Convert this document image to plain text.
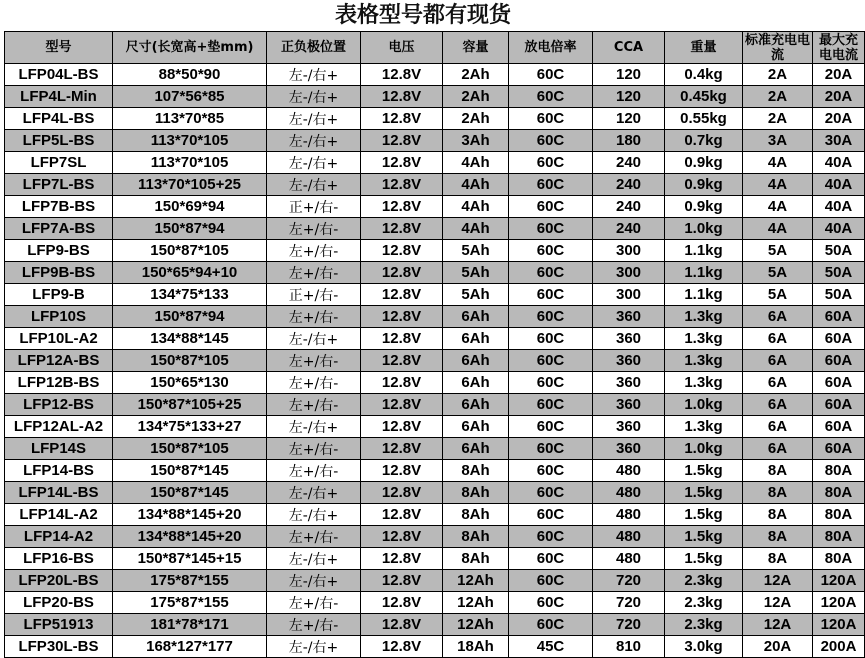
表格型号都有现货
型号	尺寸(长宽高+垫mm)	正负极位置	电压	容量	放电倍率	CCA	重量	标准充电电流	最大充电电流
LFP04L-BS	88*50*90	左-/右+	12.8V	2Ah	60C	120	0.4kg	2A	20A
LFP4L-Min	107*56*85	左-/右+	12.8V	2Ah	60C	120	0.45kg	2A	20A
LFP4L-BS	113*70*85	左-/右+	12.8V	2Ah	60C	120	0.55kg	2A	20A
LFP5L-BS	113*70*105	左-/右+	12.8V	3Ah	60C	180	0.7kg	3A	30A
LFP7SL	113*70*105	左-/右+	12.8V	4Ah	60C	240	0.9kg	4A	40A
LFP7L-BS	113*70*105+25	左-/右+	12.8V	4Ah	60C	240	0.9kg	4A	40A
LFP7B-BS	150*69*94	正+/右-	12.8V	4Ah	60C	240	0.9kg	4A	40A
LFP7A-BS	150*87*94	左+/右-	12.8V	4Ah	60C	240	1.0kg	4A	40A
LFP9-BS	150*87*105	左+/右-	12.8V	5Ah	60C	300	1.1kg	5A	50A
LFP9B-BS	150*65*94+10	左+/右-	12.8V	5Ah	60C	300	1.1kg	5A	50A
LFP9-B	134*75*133	正+/右-	12.8V	5Ah	60C	300	1.1kg	5A	50A
LFP10S	150*87*94	左+/右-	12.8V	6Ah	60C	360	1.3kg	6A	60A
LFP10L-A2	134*88*145	左-/右+	12.8V	6Ah	60C	360	1.3kg	6A	60A
LFP12A-BS	150*87*105	左+/右-	12.8V	6Ah	60C	360	1.3kg	6A	60A
LFP12B-BS	150*65*130	左+/右-	12.8V	6Ah	60C	360	1.3kg	6A	60A
LFP12-BS	150*87*105+25	左+/右-	12.8V	6Ah	60C	360	1.0kg	6A	60A
LFP12AL-A2	134*75*133+27	左-/右+	12.8V	6Ah	60C	360	1.3kg	6A	60A
LFP14S	150*87*105	左+/右-	12.8V	6Ah	60C	360	1.0kg	6A	60A
LFP14-BS	150*87*145	左+/右-	12.8V	8Ah	60C	480	1.5kg	8A	80A
LFP14L-BS	150*87*145	左-/右+	12.8V	8Ah	60C	480	1.5kg	8A	80A
LFP14L-A2	134*88*145+20	左-/右+	12.8V	8Ah	60C	480	1.5kg	8A	80A
LFP14-A2	134*88*145+20	左+/右-	12.8V	8Ah	60C	480	1.5kg	8A	80A
LFP16-BS	150*87*145+15	左-/右+	12.8V	8Ah	60C	480	1.5kg	8A	80A
LFP20L-BS	175*87*155	左-/右+	12.8V	12Ah	60C	720	2.3kg	12A	120A
LFP20-BS	175*87*155	左+/右-	12.8V	12Ah	60C	720	2.3kg	12A	120A
LFP51913	181*78*171	左+/右-	12.8V	12Ah	60C	720	2.3kg	12A	120A
LFP30L-BS	168*127*177	左-/右+	12.8V	18Ah	45C	810	3.0kg	20A	200A
